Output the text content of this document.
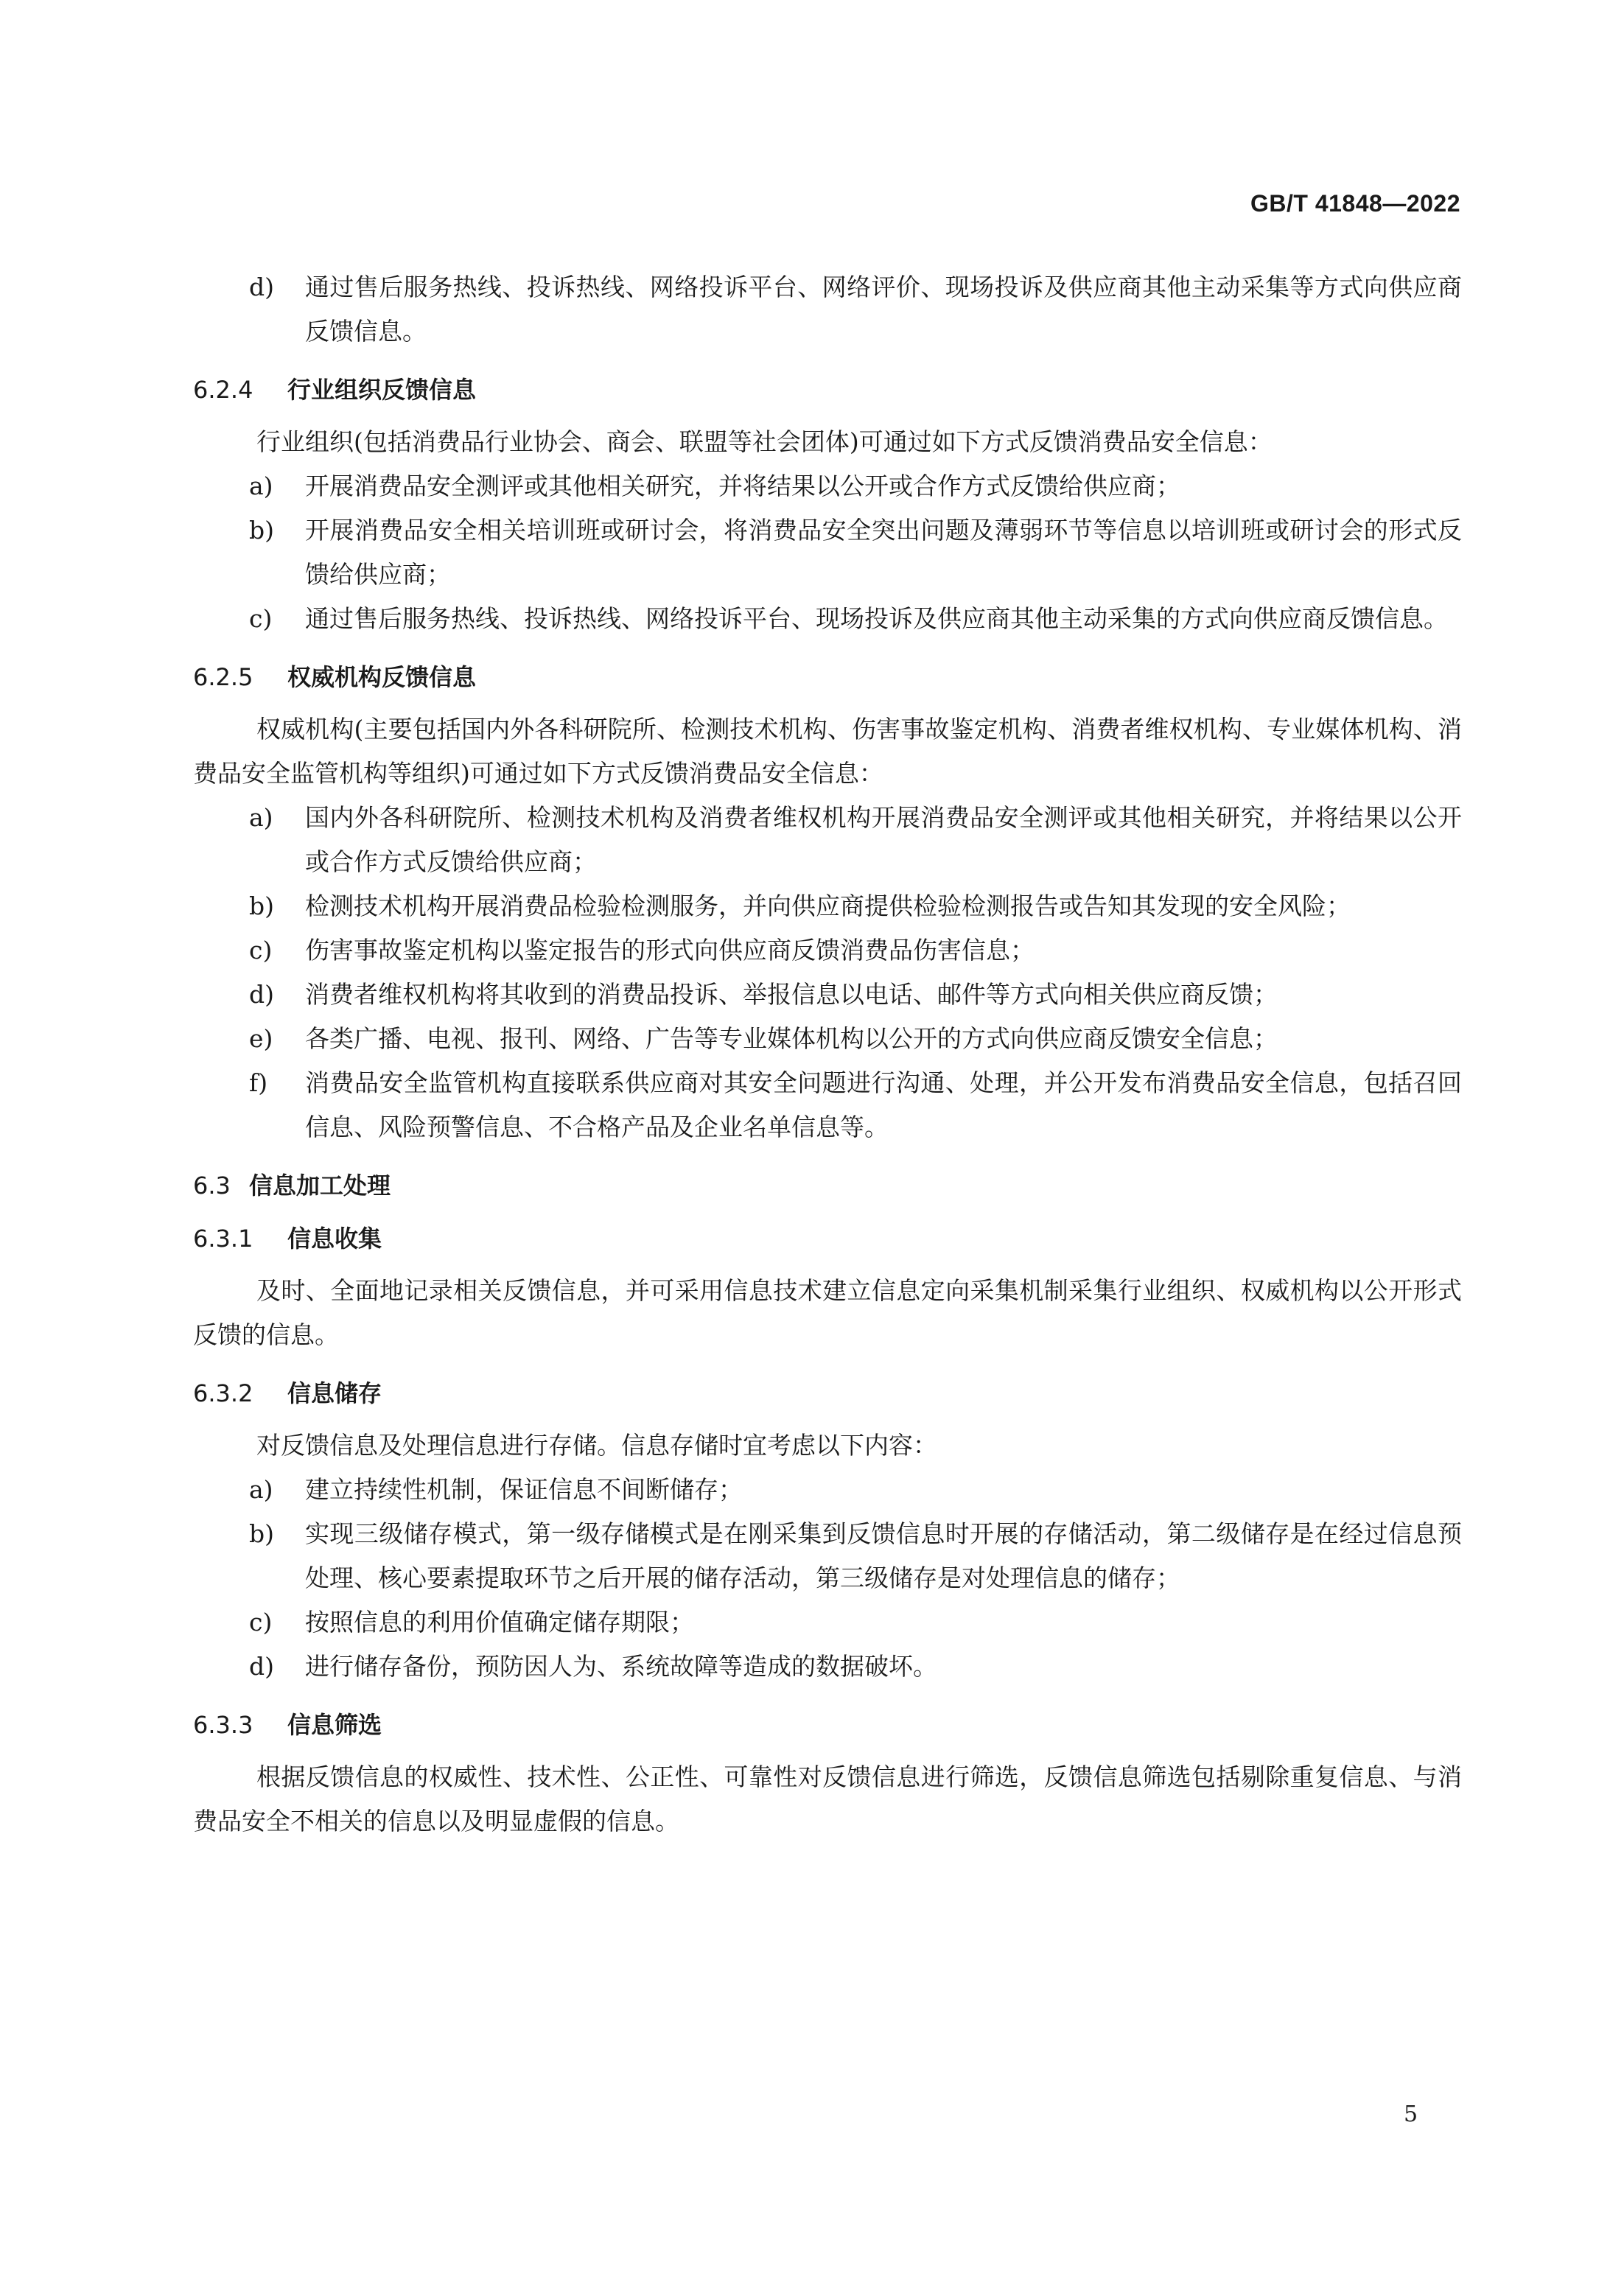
GB/T 41848—2022

d) 通过售后服务热线、投诉热线、网络投诉平台、网络评价、现场投诉及供应商其他主动采集等方式向供应商反馈信息。

6.2.4 行业组织反馈信息

行业组织(包括消费品行业协会、商会、联盟等社会团体)可通过如下方式反馈消费品安全信息：

a) 开展消费品安全测评或其他相关研究，并将结果以公开或合作方式反馈给供应商；

b) 开展消费品安全相关培训班或研讨会，将消费品安全突出问题及薄弱环节等信息以培训班或研讨会的形式反馈给供应商；

c) 通过售后服务热线、投诉热线、网络投诉平台、现场投诉及供应商其他主动采集的方式向供应商反馈信息。

6.2.5 权威机构反馈信息

权威机构(主要包括国内外各科研院所、检测技术机构、伤害事故鉴定机构、消费者维权机构、专业媒体机构、消费品安全监管机构等组织)可通过如下方式反馈消费品安全信息：

a) 国内外各科研院所、检测技术机构及消费者维权机构开展消费品安全测评或其他相关研究，并将结果以公开或合作方式反馈给供应商；

b) 检测技术机构开展消费品检验检测服务，并向供应商提供检验检测报告或告知其发现的安全风险；

c) 伤害事故鉴定机构以鉴定报告的形式向供应商反馈消费品伤害信息；

d) 消费者维权机构将其收到的消费品投诉、举报信息以电话、邮件等方式向相关供应商反馈；

e) 各类广播、电视、报刊、网络、广告等专业媒体机构以公开的方式向供应商反馈安全信息；

f) 消费品安全监管机构直接联系供应商对其安全问题进行沟通、处理，并公开发布消费品安全信息，包括召回信息、风险预警信息、不合格产品及企业名单信息等。

6.3 信息加工处理
6.3.1 信息收集

及时、全面地记录相关反馈信息，并可采用信息技术建立信息定向采集机制采集行业组织、权威机构以公开形式反馈的信息。

6.3.2 信息储存

对反馈信息及处理信息进行存储。信息存储时宜考虑以下内容：

a) 建立持续性机制，保证信息不间断储存；

b) 实现三级储存模式，第一级存储模式是在刚采集到反馈信息时开展的存储活动，第二级储存是在经过信息预处理、核心要素提取环节之后开展的储存活动，第三级储存是对处理信息的储存；

c) 按照信息的利用价值确定储存期限；

d) 进行储存备份，预防因人为、系统故障等造成的数据破坏。

6.3.3 信息筛选

根据反馈信息的权威性、技术性、公正性、可靠性对反馈信息进行筛选，反馈信息筛选包括剔除重复信息、与消费品安全不相关的信息以及明显虚假的信息。

5
